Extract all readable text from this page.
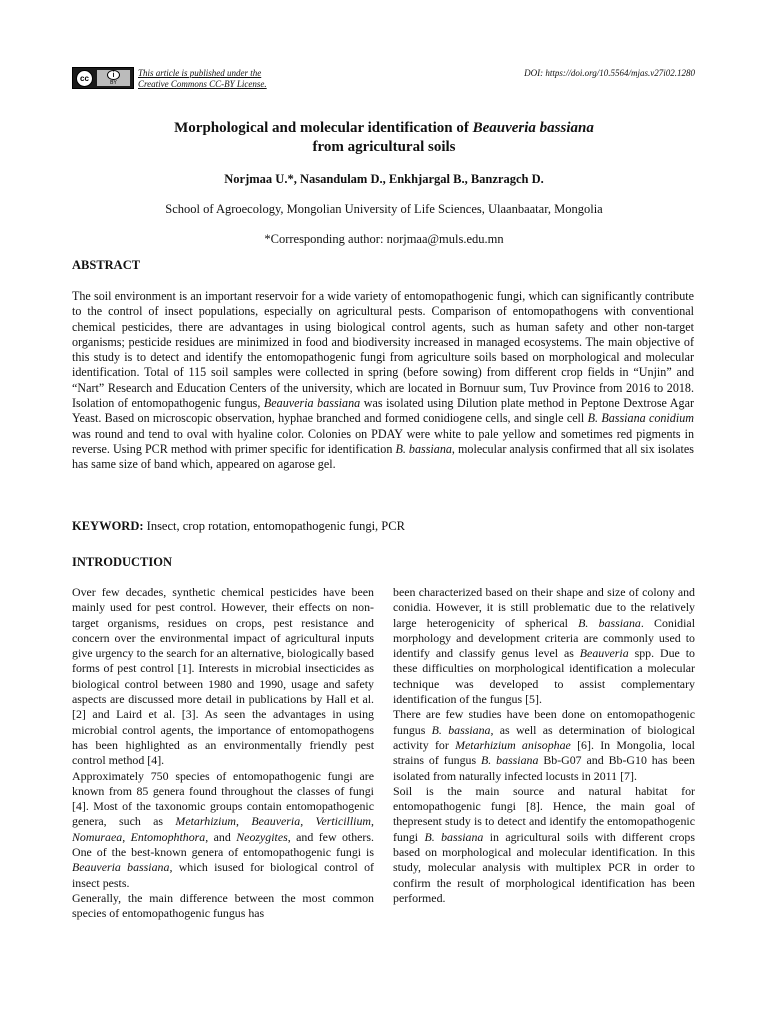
cc	i
BY
This article is published under the
Creative Commons CC-BY License.
DOI: https://doi.org/10.5564/mjas.v27i02.1280
Morphological and molecular identification of Beauveria bassiana
from agricultural soils
Norjmaa U.*, Nasandulam D., Enkhjargal B., Banzragch D.
School of Agroecology, Mongolian University of Life Sciences, Ulaanbaatar, Mongolia
*Corresponding author: norjmaa@muls.edu.mn
ABSTRACT

The soil environment is an important reservoir for a wide variety of entomopathogenic fungi, which can significantly contribute to the control of insect populations, especially on agricultural pests. Comparison of entomopathogens with conventional chemical pesticides, there are advantages in using biological control agents, such as human safety and other non-target organisms; pesticide residues are minimized in food and biodiversity increased in managed ecosystems. The main objective of this study is to detect and identify the entomopathogenic fungi from agriculture soils based on morphological and molecular identification. Total of 115 soil samples were collected in spring (before sowing) from different crop fields in “Unjin” and “Nart” Research and Education Centers of the university, which are located in Bornuur sum, Tuv Province from 2016 to 2018. Isolation of entomopathogenic fungus, Beauveria bassiana was isolated using Dilution plate method in Peptone Dextrose Agar Yeast. Based on microscopic observation, hyphae branched and formed conidiogene cells, and single cell B. Bassiana conidium was round and tend to oval with hyaline color. Colonies on PDAY were white to pale yellow and sometimes red pigments in reverse. Using PCR method with primer specific for identification B. bassiana, molecular analysis confirmed that all six isolates has same size of band which, appeared on agarose gel.

KEYWORD: Insect, crop rotation, entomopathogenic fungi, PCR
INTRODUCTION

Over few decades, synthetic chemical pesticides have been mainly used for pest control. However, their effects on non-target organisms, residues on crops, pest resistance and concern over the environmental impact of agricultural inputs give urgency to the search for an alternative, biologically based forms of pest control [1]. Interests in microbial insecticides as biological control between 1980 and 1990, usage and safety aspects are discussed more detail in publications by Hall et al. [2] and Laird et al. [3]. As seen the advantages in using microbial control agents, the importance of entomopathogens has been highlighted as an environmentally friendly pest control method [4].

Approximately 750 species of entomopathogenic fungi are known from 85 genera found throughout the classes of fungi [4]. Most of the taxonomic groups contain entomopathogenic genera, such as Metarhizium, Beauveria, Verticillium, Nomuraea, Entomophthora, and Neozygites, and few others. One of the best-known genera of entomopathogenic fungi is Beauveria bassiana, which isused for biological control of insect pests.

Generally, the main difference between the most common species of entomopathogenic fungus has

been characterized based on their shape and size of colony and conidia. However, it is still problematic due to the relatively large heterogenicity of spherical B. bassiana. Conidial morphology and development criteria are commonly used to identify and classify genus level as Beauveria spp. Due to these difficulties on morphological identification a molecular technique was developed to assist complementary identification of the fungus [5].

There are few studies have been done on entomopathogenic fungus B. bassiana, as well as determination of biological activity for Metarhizium anisophae [6]. In Mongolia, local strains of fungus B. bassiana Bb-G07 and Bb-G10 has been isolated from naturally infected locusts in 2011 [7].

Soil is the main source and natural habitat for entomopathogenic fungi [8]. Hence, the main goal of thepresent study is to detect and identify the entomopathogenic fungi B. bassiana in agricultural soils with different crops based on morphological and molecular identification. In this study, molecular analysis with multiplex PCR in order to confirm the result of morphological identification has been performed.
